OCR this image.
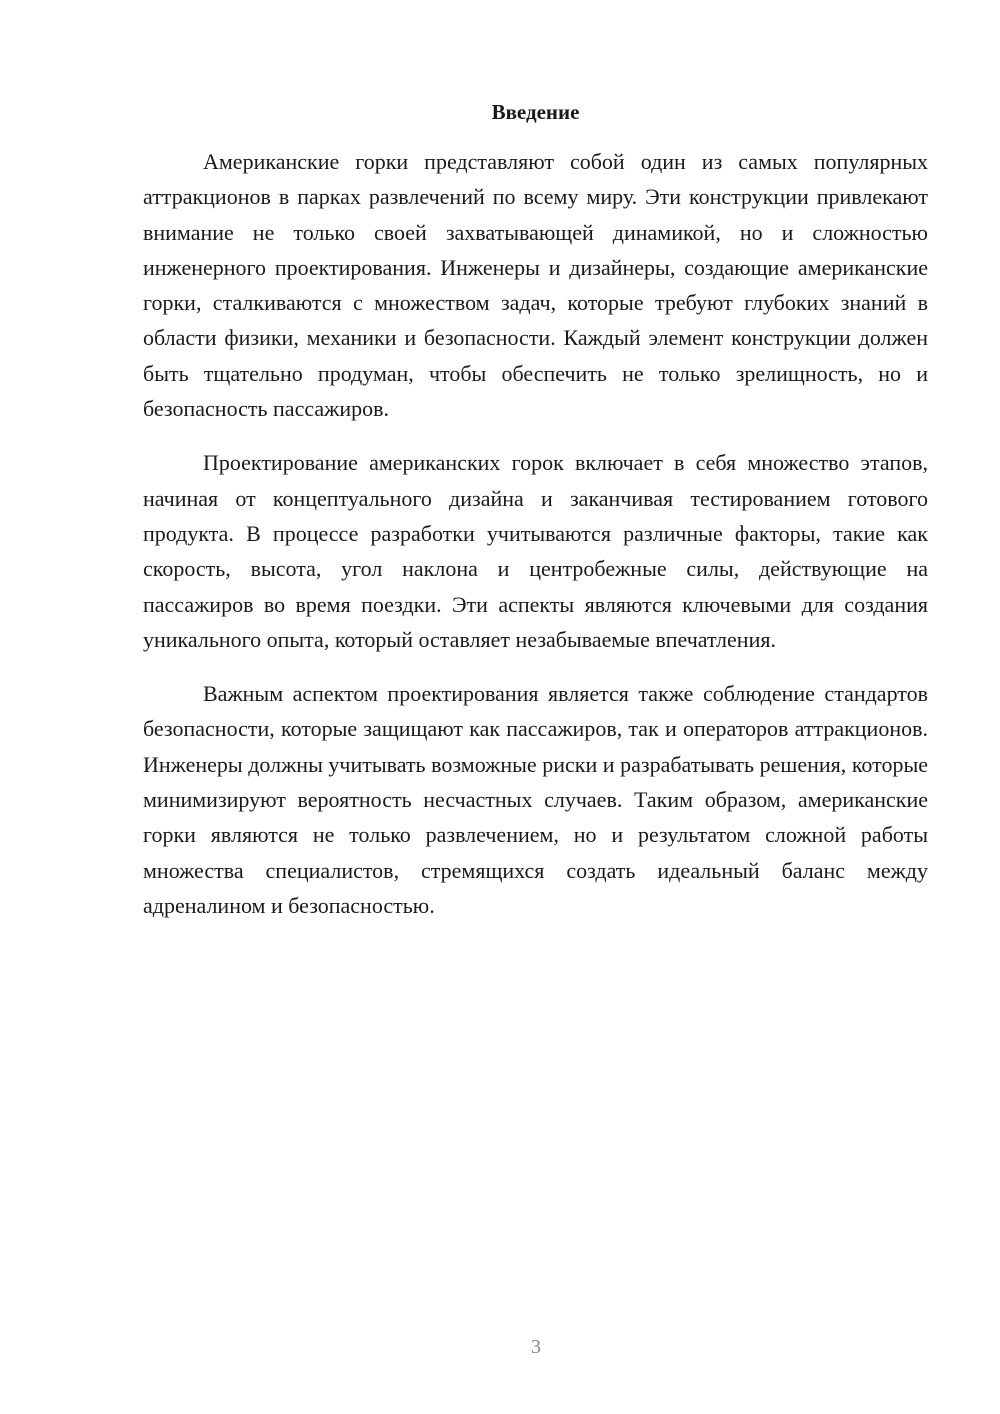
Введение

Американские горки представляют собой один из самых популярных аттракционов в парках развлечений по всему миру. Эти конструкции привлекают внимание не только своей захватывающей динамикой, но и сложностью инженерного проектирования. Инженеры и дизайнеры, создающие американские горки, сталкиваются с множеством задач, которые требуют глубоких знаний в области физики, механики и безопасности. Каждый элемент конструкции должен быть тщательно продуман, чтобы обеспечить не только зрелищность, но и безопасность пассажиров.

Проектирование американских горок включает в себя множество этапов, начиная от концептуального дизайна и заканчивая тестированием готового продукта. В процессе разработки учитываются различные факторы, такие как скорость, высота, угол наклона и центробежные силы, действующие на пассажиров во время поездки. Эти аспекты являются ключевыми для создания уникального опыта, который оставляет незабываемые впечатления.

Важным аспектом проектирования является также соблюдение стандартов безопасности, которые защищают как пассажиров, так и операторов аттракционов. Инженеры должны учитывать возможные риски и разрабатывать решения, которые минимизируют вероятность несчастных случаев. Таким образом, американские горки являются не только развлечением, но и результатом сложной работы множества специалистов, стремящихся создать идеальный баланс между адреналином и безопасностью.

3
